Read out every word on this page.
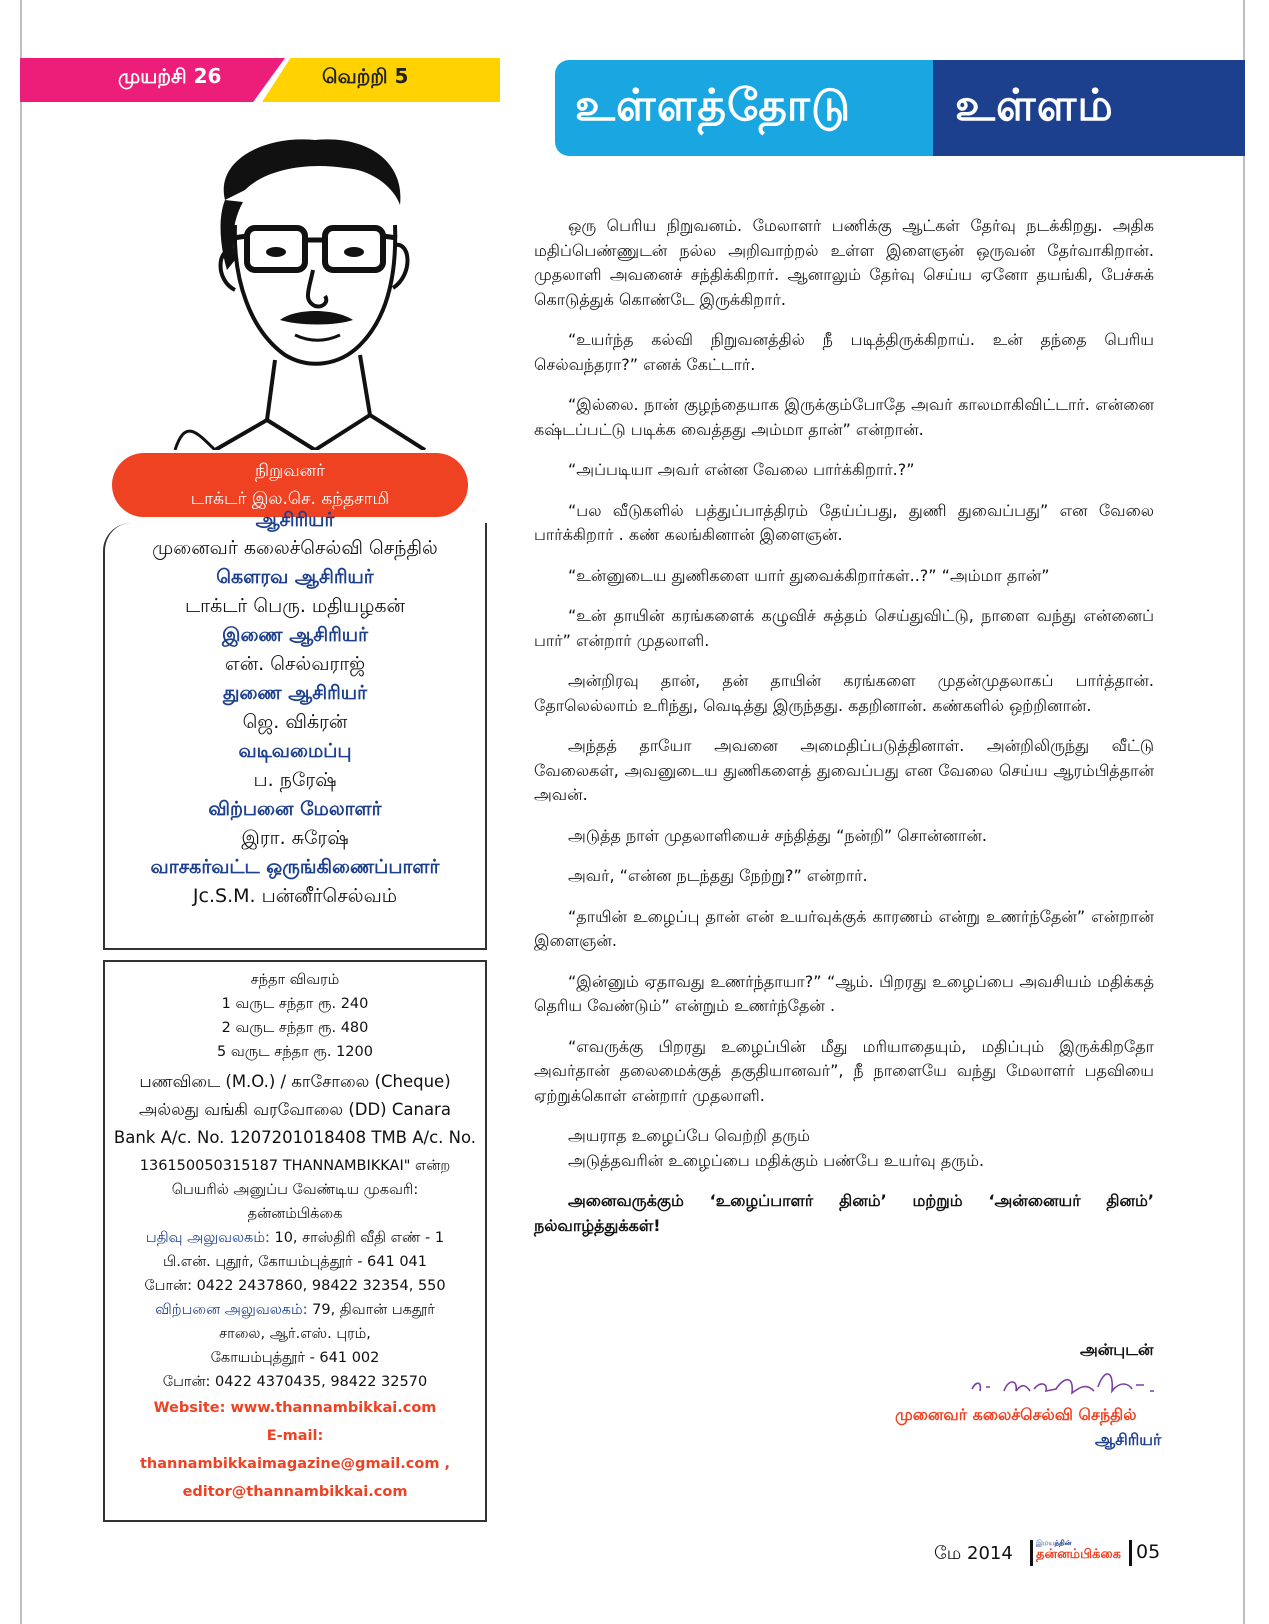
முயற்சி 26	வெற்றி 5
உள்ளத்தோடு உள்ளம்
நிறுவனர்
டாக்டர் இல.செ. கந்தசாமி
ஆசிரியர்
முனைவர் கலைச்செல்வி செந்தில்
கௌரவ ஆசிரியர்
டாக்டர் பெரு. மதியழகன்
இணை ஆசிரியர்
என். செல்வராஜ்
துணை ஆசிரியர்
ஜெ. விக்ரன்
வடிவமைப்பு
ப. நரேஷ்
விற்பனை மேலாளர்
இரா. சுரேஷ்
வாசகர்வட்ட ஒருங்கிணைப்பாளர்
Jc.S.M. பன்னீர்செல்வம்
சந்தா விவரம்
1 வருட சந்தா ரூ. 240
2 வருட சந்தா ரூ. 480
5 வருட சந்தா ரூ. 1200
பணவிடை (M.O.) / காசோலை (Cheque)
அல்லது வங்கி வரவோலை (DD) Canara
Bank A/c. No. 1207201018408 TMB A/c. No.
136150050315187 THANNAMBIKKAI" என்ற
பெயரில் அனுப்ப வேண்டிய முகவரி:
தன்னம்பிக்கை
பதிவு அலுவலகம்: 10, சாஸ்திரி வீதி எண் - 1
பி.என். புதூர், கோயம்புத்தூர் - 641 041
போன்: 0422 2437860, 98422 32354, 550
விற்பனை அலுவலகம்: 79, திவான் பகதூர்
சாலை, ஆர்.எஸ். புரம்,
கோயம்புத்தூர் - 641 002
போன்: 0422 4370435, 98422 32570
Website: www.thannambikkai.com
E-mail:
thannambikkaimagazine@gmail.com ,
editor@thannambikkai.com

ஒரு பெரிய நிறுவனம். மேலாளர் பணிக்கு ஆட்கள் தேர்வு நடக்கிறது. அதிக மதிப்பெண்ணுடன் நல்ல அறிவாற்றல் உள்ள இளைஞன் ஒருவன் தேர்வாகிறான். முதலாளி அவனைச் சந்திக்கிறார். ஆனாலும் தேர்வு செய்ய ஏனோ தயங்கி, பேச்சுக் கொடுத்துக் கொண்டே இருக்கிறார்.

“உயர்ந்த கல்வி நிறுவனத்தில் நீ படித்திருக்கிறாய். உன் தந்தை பெரிய செல்வந்தரா?” எனக் கேட்டார்.

“இல்லை. நான் குழந்தையாக இருக்கும்போதே அவர் காலமாகிவிட்டார். என்னை கஷ்டப்பட்டு படிக்க வைத்தது அம்மா தான்” என்றான்.

“அப்படியா அவர் என்ன வேலை பார்க்கிறார்.?”

“பல வீடுகளில் பத்துப்பாத்திரம் தேய்ப்பது, துணி துவைப்பது” என வேலை பார்க்கிறார் . கண் கலங்கினான் இளைஞன்.

“உன்னுடைய துணிகளை யார் துவைக்கிறார்கள்..?” “அம்மா தான்”

“உன் தாயின் கரங்களைக் கழுவிச் சுத்தம் செய்துவிட்டு, நாளை வந்து என்னைப் பார்” என்றார் முதலாளி.

அன்றிரவு தான், தன் தாயின் கரங்களை முதன்முதலாகப் பார்த்தான். தோலெல்லாம் உரிந்து, வெடித்து இருந்தது. கதறினான். கண்களில் ஒற்றினான்.

அந்தத் தாயோ அவனை அமைதிப்படுத்தினாள். அன்றிலிருந்து வீட்டு வேலைகள், அவனுடைய துணிகளைத் துவைப்பது என வேலை செய்ய ஆரம்பித்தான் அவன்.

அடுத்த நாள் முதலாளியைச் சந்தித்து “நன்றி” சொன்னான்.

அவர், “என்ன நடந்தது நேற்று?” என்றார்.

“தாயின் உழைப்பு தான் என் உயர்வுக்குக் காரணம் என்று உணர்ந்தேன்” என்றான் இளைஞன்.

“இன்னும் ஏதாவது உணர்ந்தாயா?” “ஆம். பிறரது உழைப்பை அவசியம் மதிக்கத் தெரிய வேண்டும்” என்றும் உணர்ந்தேன் .

“எவருக்கு பிறரது உழைப்பின் மீது மரியாதையும், மதிப்பும் இருக்கிறதோ அவர்தான் தலைமைக்குத் தகுதியானவர்”, நீ நாளையே வந்து மேலாளர் பதவியை ஏற்றுக்கொள் என்றார் முதலாளி.

அயராத உழைப்பே வெற்றி தரும்

அடுத்தவரின் உழைப்பை மதிக்கும் பண்பே உயர்வு தரும்.

அனைவருக்கும் ‘உழைப்பாளர் தினம்’ மற்றும் ‘அன்னையர் தினம்’ நல்வாழ்த்துக்கள்!

அன்புடன்
முனைவர் கலைச்செல்வி செந்தில்
ஆசிரியர்
மே 2014	இமயத்தின்
தன்னம்பிக்கை 05
